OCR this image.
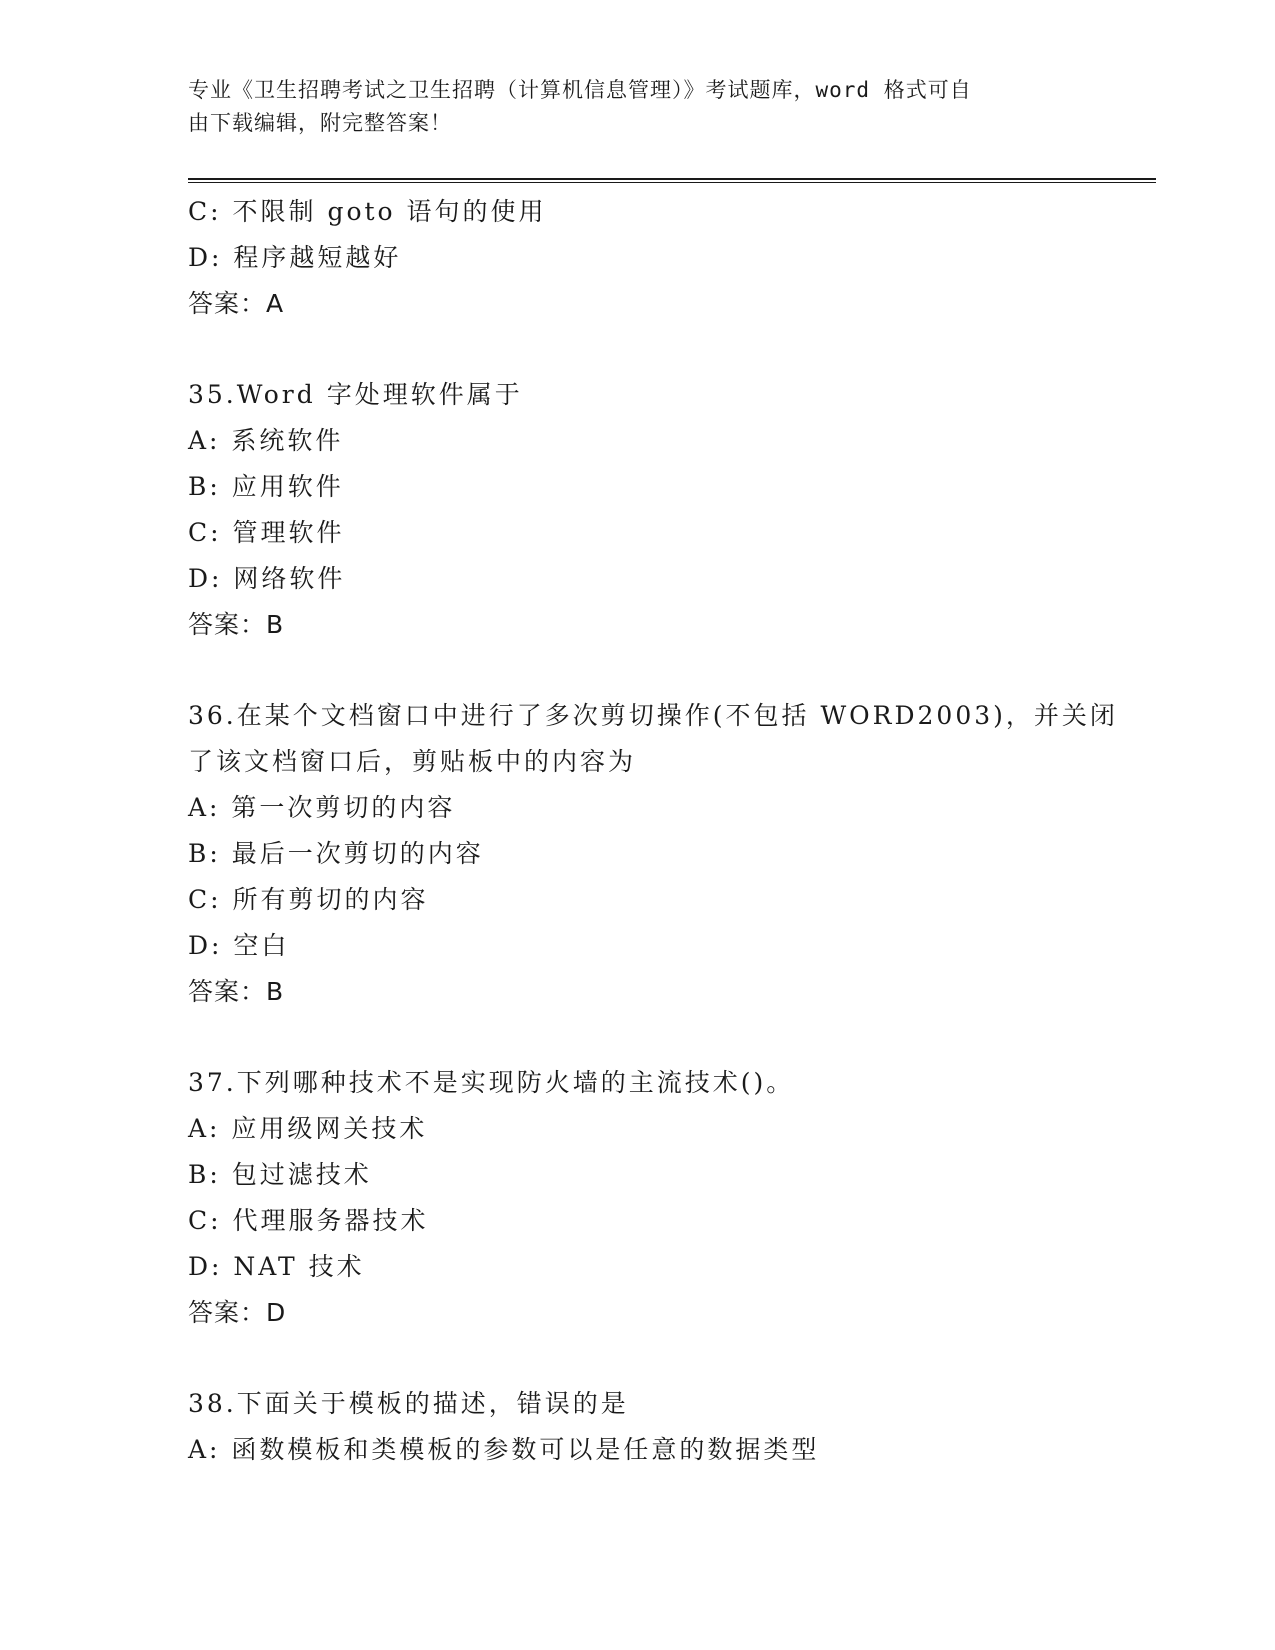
专业《卫生招聘考试之卫生招聘（计算机信息管理）》考试题库，word 格式可自
由下载编辑，附完整答案！
C: 不限制 goto 语句的使用
D: 程序越短越好
答案：A
35.Word 字处理软件属于
A: 系统软件
B: 应用软件
C: 管理软件
D: 网络软件
答案：B
36.在某个文档窗口中进行了多次剪切操作(不包括 WORD2003)，并关闭
了该文档窗口后，剪贴板中的内容为
A: 第一次剪切的内容
B: 最后一次剪切的内容
C: 所有剪切的内容
D: 空白
答案：B
37.下列哪种技术不是实现防火墙的主流技术()。
A: 应用级网关技术
B: 包过滤技术
C: 代理服务器技术
D: NAT 技术
答案：D
38.下面关于模板的描述，错误的是
A: 函数模板和类模板的参数可以是任意的数据类型
